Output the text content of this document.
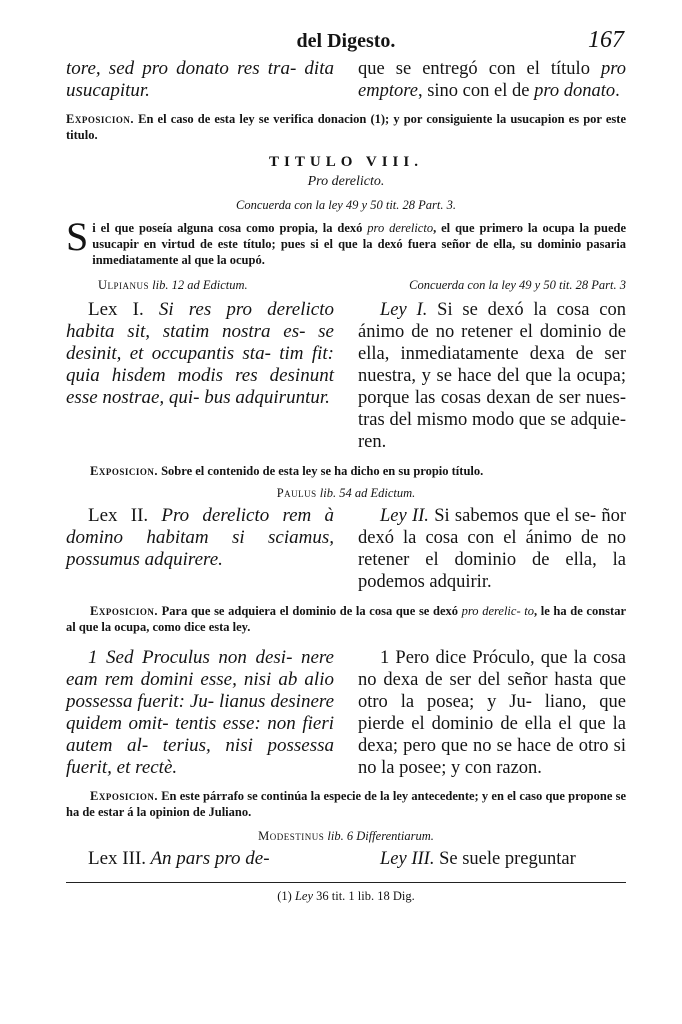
del Digesto.	167
tore, sed pro donato res tra- dita usucapitur.
que se entregó con el título pro emptore, sino con el de pro donato.
Exposicion. En el caso de esta ley se verifica donacion (1); y por consiguiente la usucapion es por este titulo.
TITULO VIII.
Pro derelicto.
Concuerda con la ley 49 y 50 tit. 28 Part. 3.
Si el que poseía alguna cosa como propia, la dexó pro derelicto, el que primero la ocupa la puede usucapir en virtud de este título; pues si el que la dexó fuera señor de ella, su dominio pasaria inmediatamente al que la ocupó.
Ulpianus lib. 12 ad Edictum.	Concuerda con la ley 49 y 50 tit. 28 Part. 3
Lex I. Si res pro derelicto habita sit, statim nostra es- se desinit, et occupantis sta- tim fit: quia hisdem modis res desinunt esse nostrae, qui- bus adquiruntur.
Ley I. Si se dexó la cosa con ánimo de no retener el dominio de ella, inmediatamente dexa de ser nuestra, y se hace del que la ocupa; porque las cosas dexan de ser nues- tras del mismo modo que se adquie- ren.
Exposicion. Sobre el contenido de esta ley se ha dicho en su propio título.
Paulus lib. 54 ad Edictum.
Lex II. Pro derelicto rem à domino habitam si sciamus, possumus adquirere.
Ley II. Si sabemos que el se- ñor dexó la cosa con el ánimo de no retener el dominio de ella, la podemos adquirir.
Exposicion. Para que se adquiera el dominio de la cosa que se dexó pro derelic- to, le ha de constar al que la ocupa, como dice esta ley.
1 Sed Proculus non desi- nere eam rem domini esse, nisi ab alio possessa fuerit: Ju- lianus desinere quidem omit- tentis esse: non fieri autem al- terius, nisi possessa fuerit, et rectè.
1 Pero dice Próculo, que la cosa no dexa de ser del señor hasta que otro la posea; y Ju- liano, que pierde el dominio de ella el que la dexa; pero que no se hace de otro si no la posee; y con razon.
Exposicion. En este párrafo se continúa la especie de la ley antecedente; y en el caso que propone se ha de estar á la opinion de Juliano.
Modestinus lib. 6 Differentiarum.
Lex III. An pars pro de-	Ley III. Se suele preguntar
(1) Ley 36 tit. 1 lib. 18 Dig.
